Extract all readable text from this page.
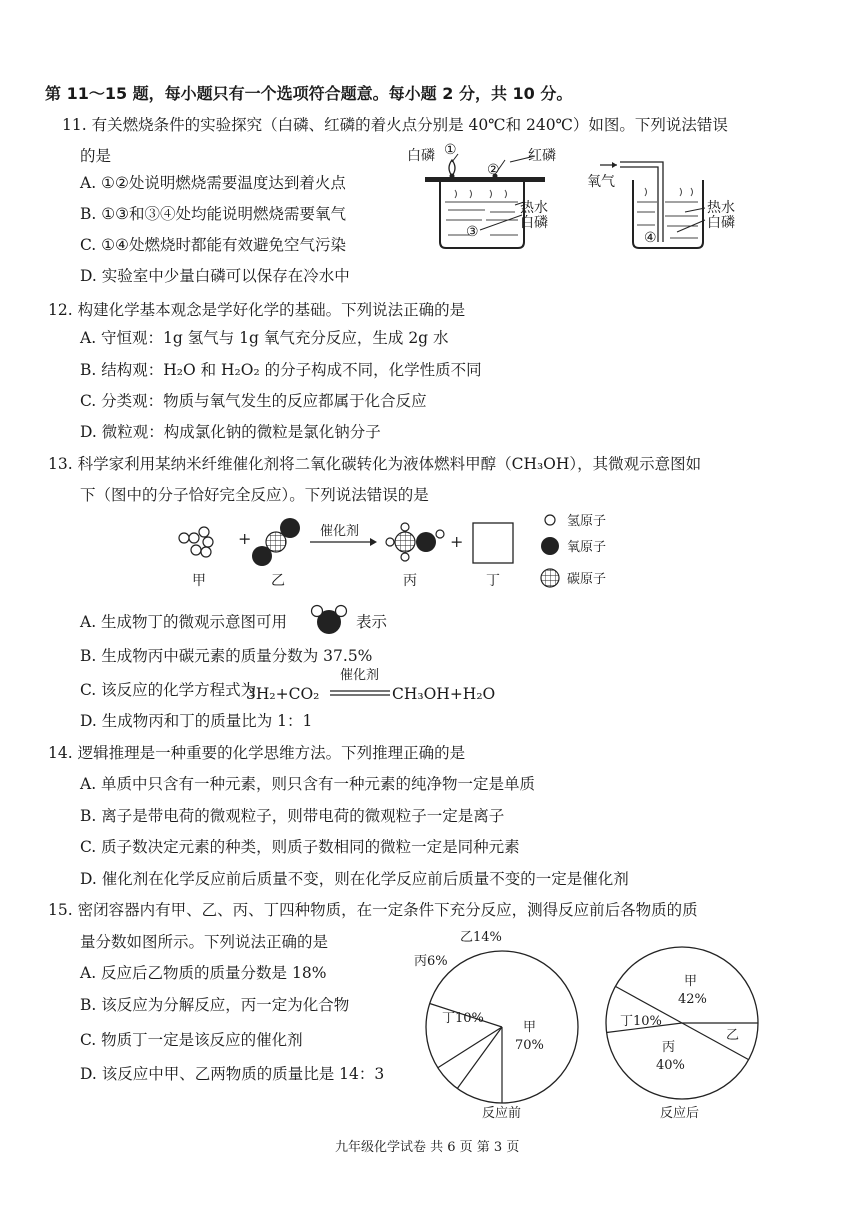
第 11～15 题，每小题只有一个选项符合题意。每小题 2 分，共 10 分。
11. 有关燃烧条件的实验探究（白磷、红磷的着火点分别是 40℃和 240℃）如图。下列说法错误
的是
A. ①②处说明燃烧需要温度达到着火点
B. ①③和③④处均能说明燃烧需要氧气
C. ①④处燃烧时都能有效避免空气污染
D. 实验室中少量白磷可以保存在冷水中
白磷 ①
②
红磷
③
热水
白磷
氧气
④
热水
白磷
12. 构建化学基本观念是学好化学的基础。下列说法正确的是
A. 守恒观：1g 氢气与 1g 氧气充分反应，生成 2g 水
B. 结构观：H₂O 和 H₂O₂ 的分子构成不同，化学性质不同
C. 分类观：物质与氧气发生的反应都属于化合反应
D. 微粒观：构成氯化钠的微粒是氯化钠分子
13. 科学家利用某纳米纤维催化剂将二氧化碳转化为液体燃料甲醇（CH₃OH），其微观示意图如
下（图中的分子恰好完全反应）。下列说法错误的是
+	催化剂
+
甲	乙	丙	丁
氢原子
氧原子
碳原子
A. 生成物丁的微观示意图可用	表示
B. 生成物丙中碳元素的质量分数为 37.5%
C. 该反应的化学方程式为
3H₂+CO₂
催化剂
CH₃OH+H₂O
D. 生成物丙和丁的质量比为 1：1
14. 逻辑推理是一种重要的化学思维方法。下列推理正确的是
A. 单质中只含有一种元素，则只含有一种元素的纯净物一定是单质
B. 离子是带电荷的微观粒子，则带电荷的微观粒子一定是离子
C. 质子数决定元素的种类，则质子数相同的微粒一定是同种元素
D. 催化剂在化学反应前后质量不变，则在化学反应前后质量不变的一定是催化剂
15. 密闭容器内有甲、乙、丙、丁四种物质，在一定条件下充分反应，测得反应前后各物质的质
量分数如图所示。下列说法正确的是
A. 反应后乙物质的质量分数是 18%
B. 该反应为分解反应，丙一定为化合物
C. 物质丁一定是该反应的催化剂
D. 该反应中甲、乙两物质的质量比是 14：3
乙14%
丙6%
丁10%
甲
70%
反应前
甲
42%
丁10%
乙
丙
40%
反应后
九年级化学试卷 共 6 页 第 3 页
